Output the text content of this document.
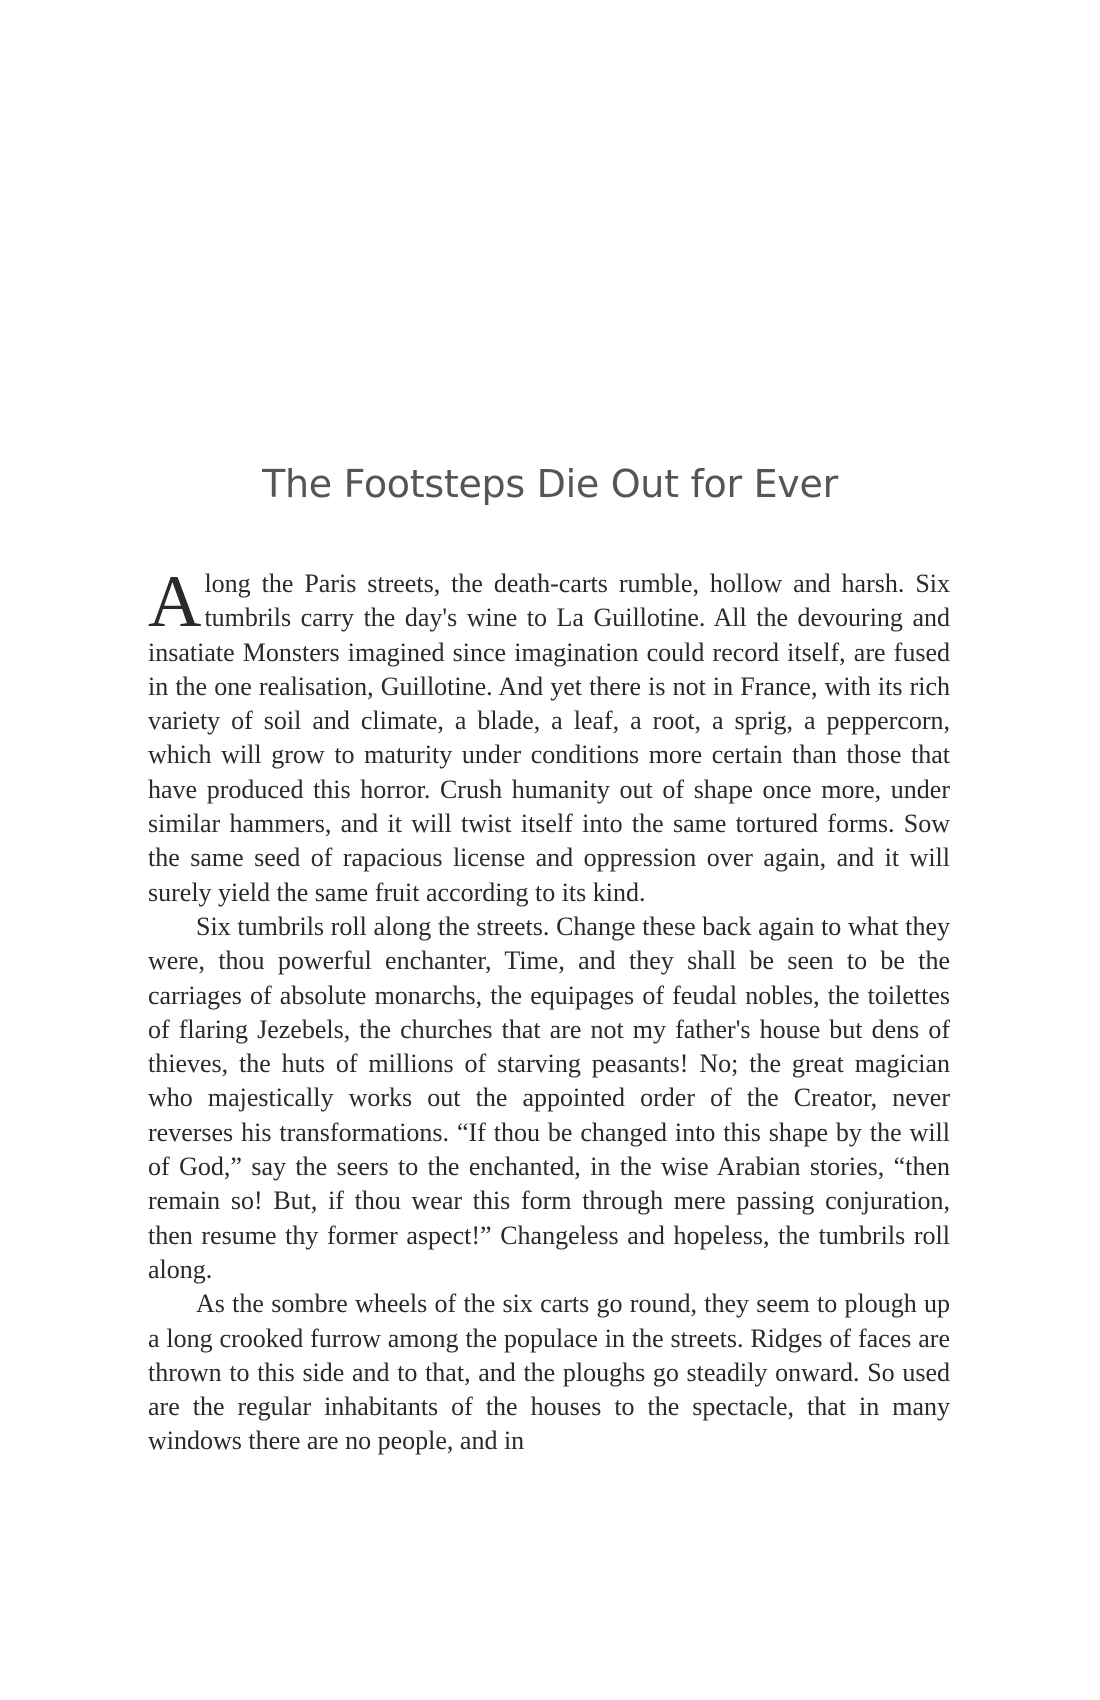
The Footsteps Die Out for Ever

Along the Paris streets, the death-carts rumble, hollow and harsh. Six tumbrils carry the day's wine to La Guillotine. All the devouring and insatiate Monsters imagined since imagination could record itself, are fused in the one realisation, Guillotine. And yet there is not in France, with its rich variety of soil and climate, a blade, a leaf, a root, a sprig, a peppercorn, which will grow to maturity under conditions more certain than those that have produced this horror. Crush humanity out of shape once more, under similar hammers, and it will twist itself into the same tortured forms. Sow the same seed of rapacious license and oppression over again, and it will surely yield the same fruit according to its kind.

Six tumbrils roll along the streets. Change these back again to what they were, thou powerful enchanter, Time, and they shall be seen to be the carriages of absolute monarchs, the equipages of feudal nobles, the toilettes of flaring Jezebels, the churches that are not my father's house but dens of thieves, the huts of millions of starving peasants! No; the great magician who majestically works out the appointed order of the Creator, never reverses his transformations. “If thou be changed into this shape by the will of God,” say the seers to the enchanted, in the wise Arabian stories, “then remain so! But, if thou wear this form through mere passing conjuration, then resume thy former aspect!” Changeless and hopeless, the tumbrils roll along.

As the sombre wheels of the six carts go round, they seem to plough up a long crooked furrow among the populace in the streets. Ridges of faces are thrown to this side and to that, and the ploughs go steadily onward. So used are the regular inhabitants of the houses to the spectacle, that in many windows there are no people, and in
